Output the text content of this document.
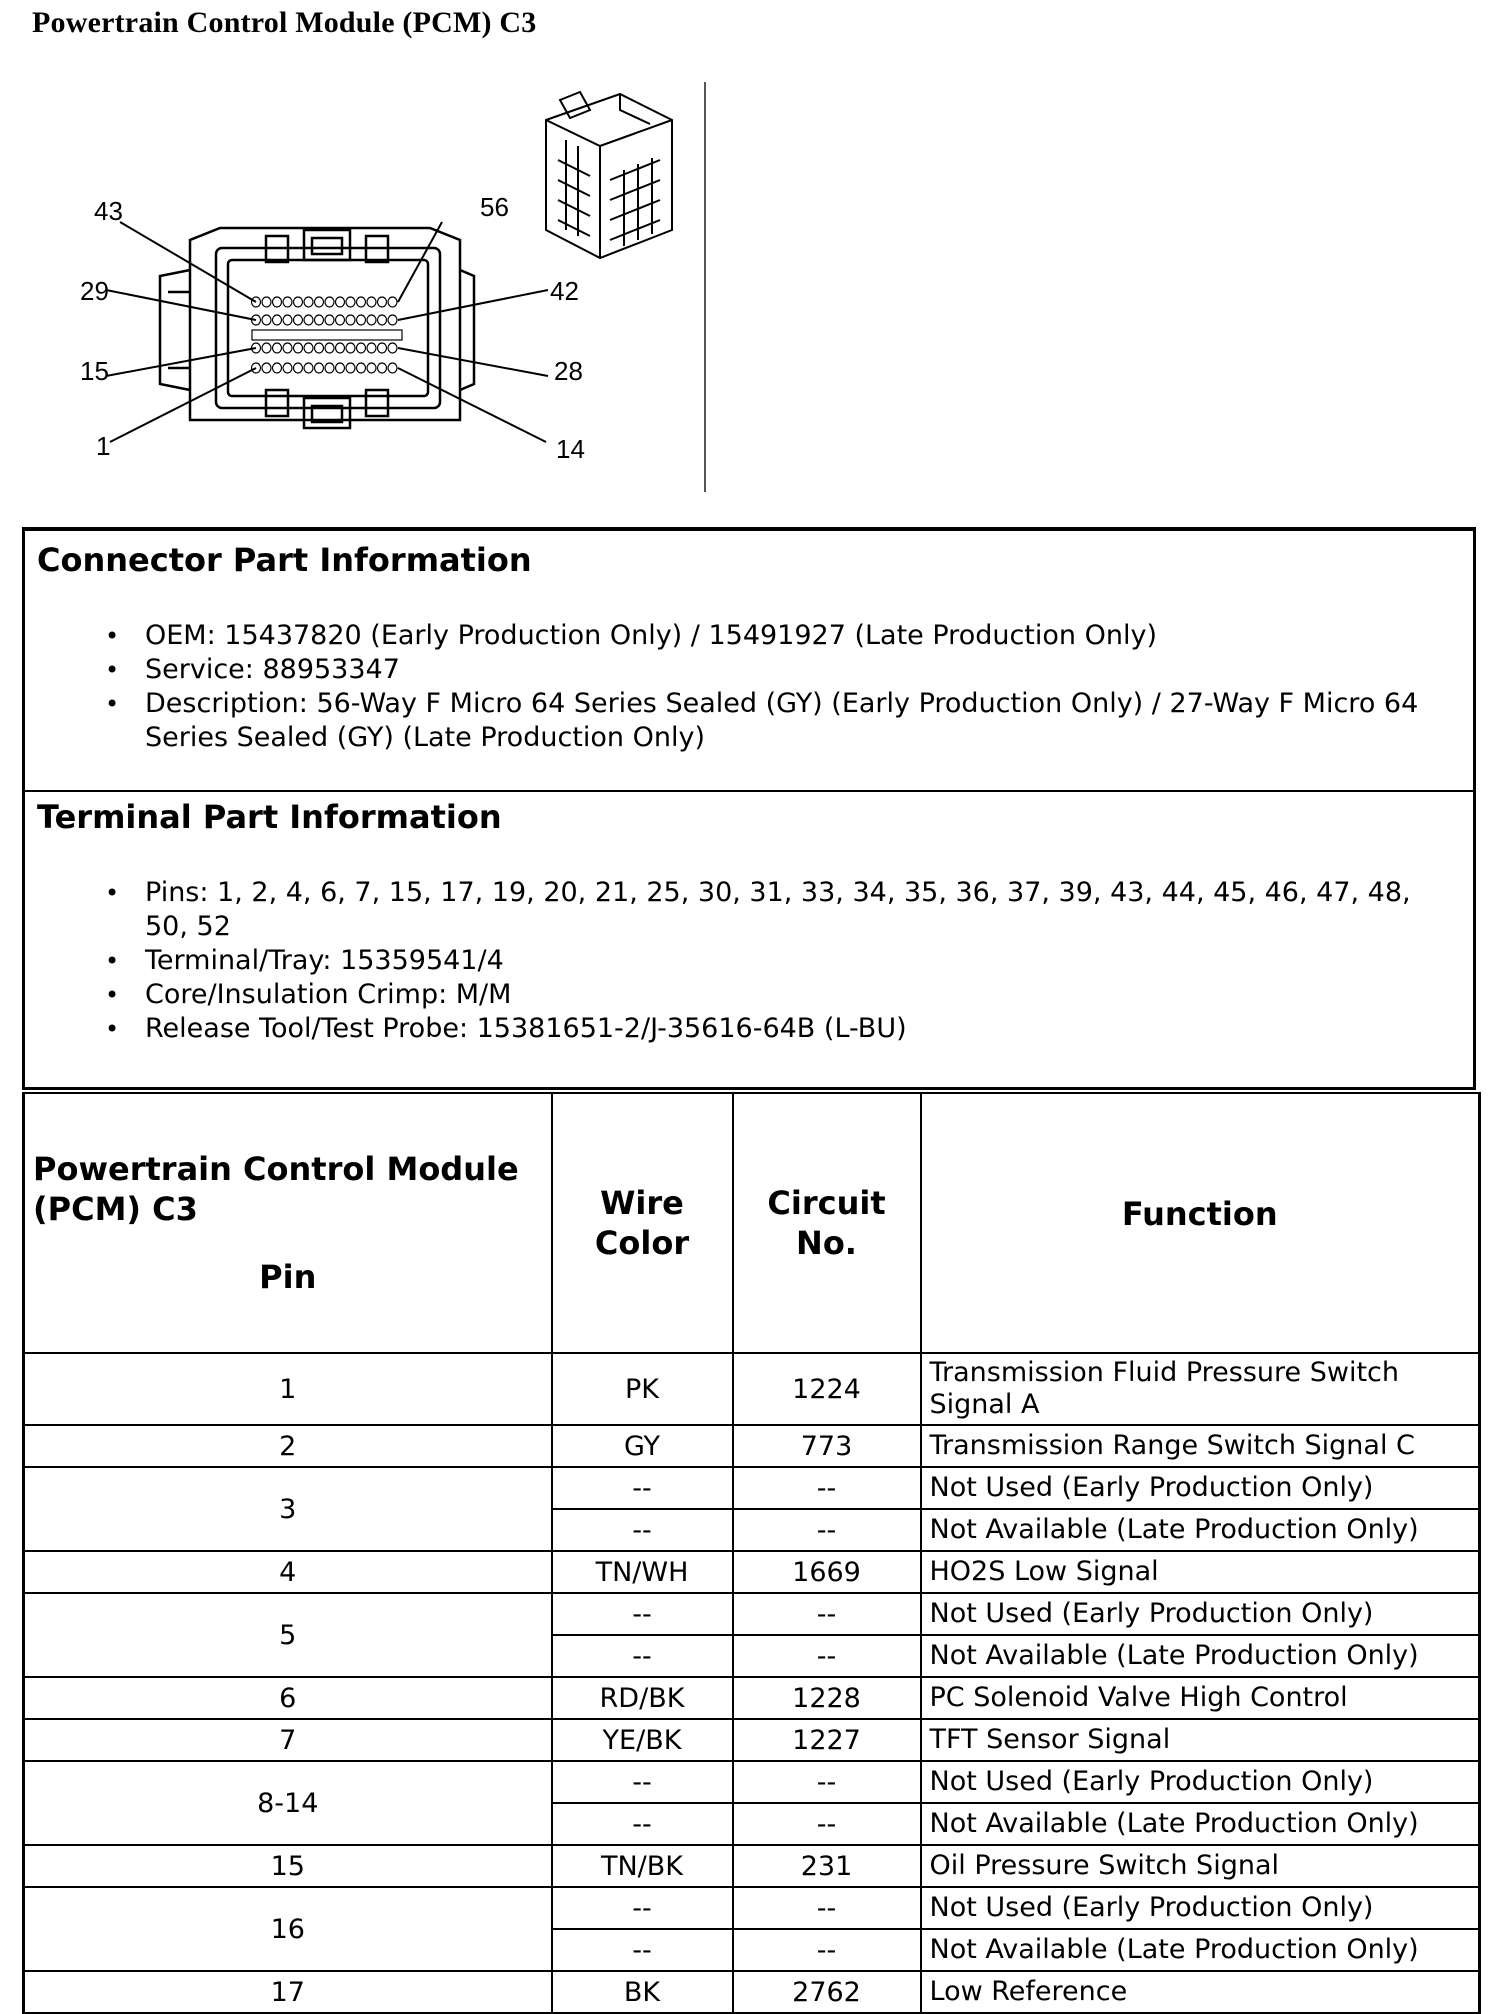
Powertrain Control Module (PCM) C3
43	56
29	42
15	28
1	14
Connector Part Information
• OEM: 15437820 (Early Production Only) / 15491927 (Late Production Only)
• Service: 88953347
• Description: 56-Way F Micro 64 Series Sealed (GY) (Early Production Only) / 27-Way F Micro 64 Series Sealed (GY) (Late Production Only)
Terminal Part Information
• Pins: 1, 2, 4, 6, 7, 15, 17, 19, 20, 21, 25, 30, 31, 33, 34, 35, 36, 37, 39, 43, 44, 45, 46, 47, 48, 50, 52
• Terminal/Tray: 15359541/4
• Core/Insulation Crimp: M/M
• Release Tool/Test Probe: 15381651-2/J-35616-64B (L-BU)
Powertrain Control Module (PCM) C3
Pin	Wire Color	Circuit No.	Function
1	PK	1224	Transmission Fluid Pressure Switch Signal A
2	GY	773	Transmission Range Switch Signal C
3	--	--	Not Used (Early Production Only)
	--	--	Not Available (Late Production Only)
4	TN/WH	1669	HO2S Low Signal
5	--	--	Not Used (Early Production Only)
	--	--	Not Available (Late Production Only)
6	RD/BK	1228	PC Solenoid Valve High Control
7	YE/BK	1227	TFT Sensor Signal
8-14	--	--	Not Used (Early Production Only)
	--	--	Not Available (Late Production Only)
15	TN/BK	231	Oil Pressure Switch Signal
16	--	--	Not Used (Early Production Only)
	--	--	Not Available (Late Production Only)
17	BK	2762	Low Reference
